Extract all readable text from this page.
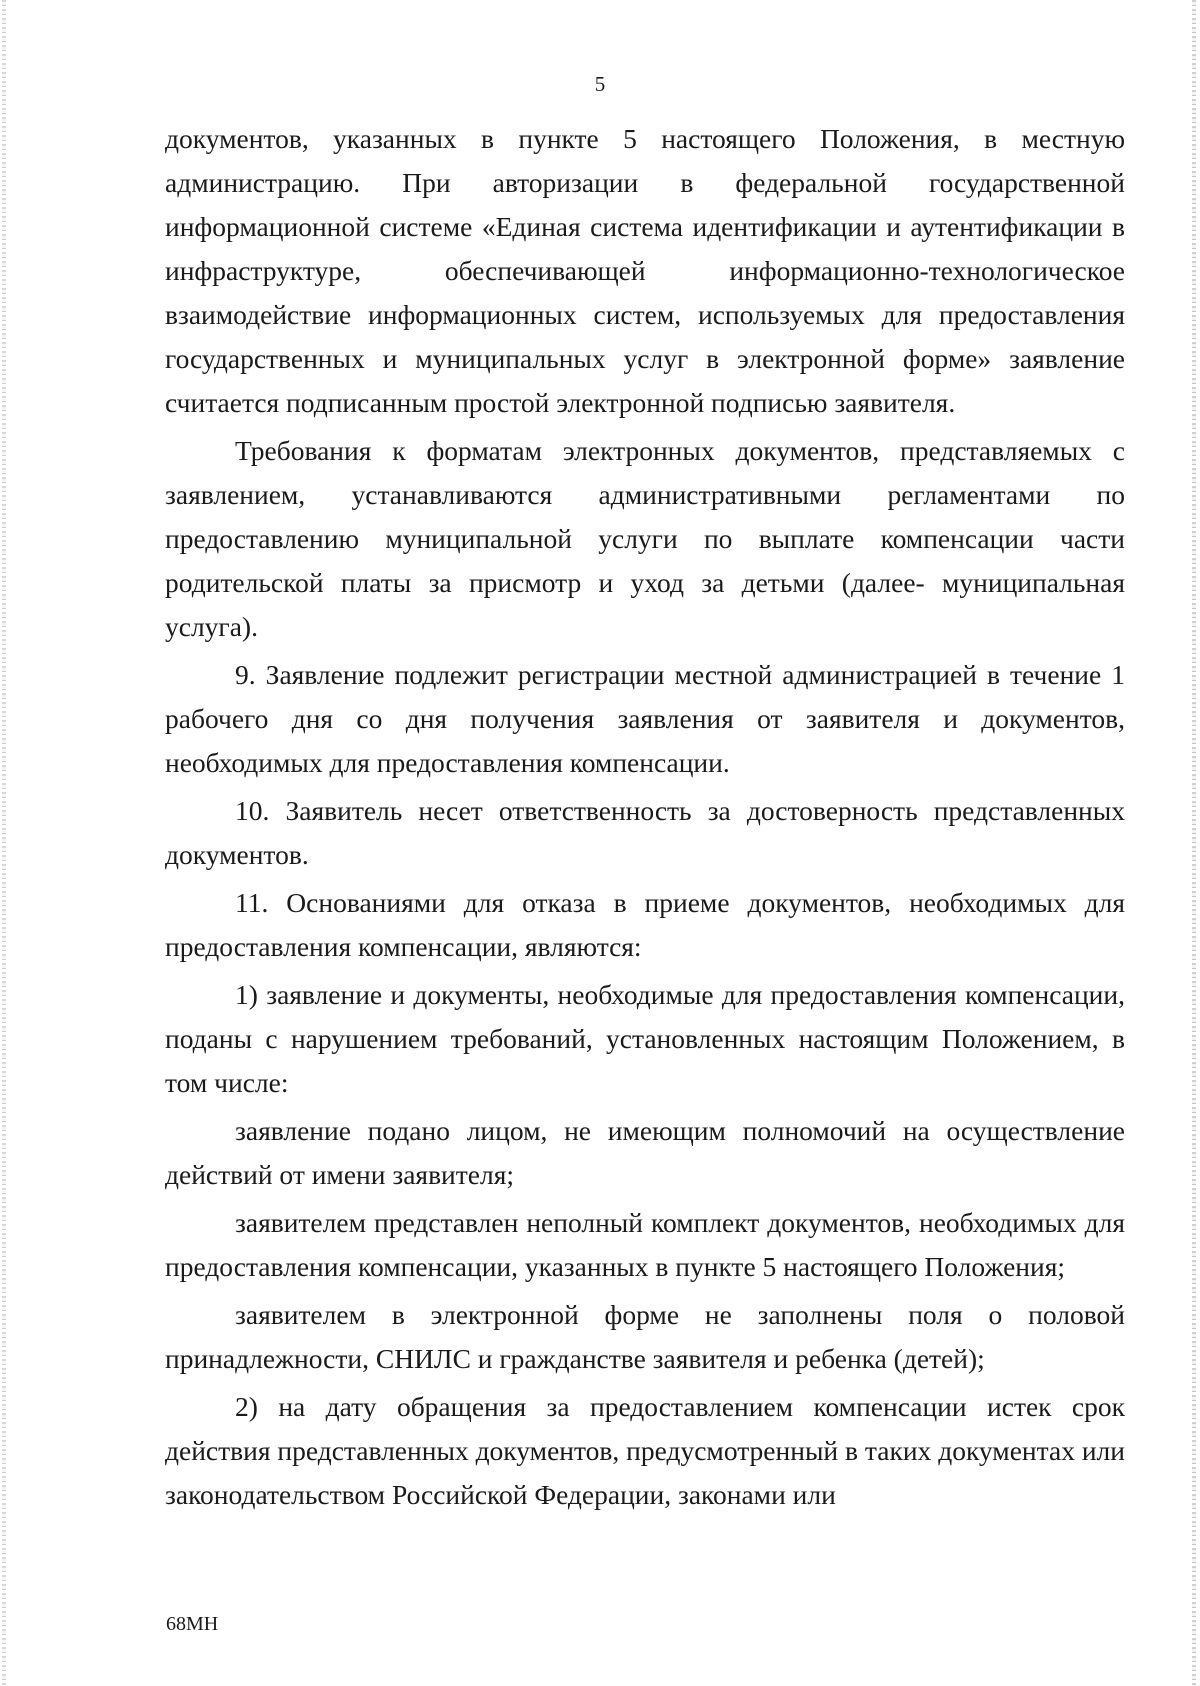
5

документов, указанных в пункте 5 настоящего Положения, в местную администрацию. При авторизации в федеральной государственной информационной системе «Единая система идентификации и аутентификации в инфраструктуре, обеспечивающей информационно-технологическое взаимодействие информационных систем, используемых для предоставления государственных и муниципальных услуг в электронной форме» заявление считается подписанным простой электронной подписью заявителя.

Требования к форматам электронных документов, представляемых с заявлением, устанавливаются административными регламентами по предоставлению муниципальной услуги по выплате компенсации части родительской платы за присмотр и уход за детьми (далее- муниципальная услуга).

9. Заявление подлежит регистрации местной администрацией в течение 1 рабочего дня со дня получения заявления от заявителя и документов, необходимых для предоставления компенсации.

10. Заявитель несет ответственность за достоверность представленных документов.

11. Основаниями для отказа в приеме документов, необходимых для предоставления компенсации, являются:

1) заявление и документы, необходимые для предоставления компенсации, поданы с нарушением требований, установленных настоящим Положением, в том числе:

заявление подано лицом, не имеющим полномочий на осуществление действий от имени заявителя;

заявителем представлен неполный комплект документов, необходимых для предоставления компенсации, указанных в пункте 5 настоящего Положения;

заявителем в электронной форме не заполнены поля о половой принадлежности, СНИЛС и гражданстве заявителя и ребенка (детей);

2) на дату обращения за предоставлением компенсации истек срок действия представленных документов, предусмотренный в таких документах или законодательством Российской Федерации, законами или

68МН
